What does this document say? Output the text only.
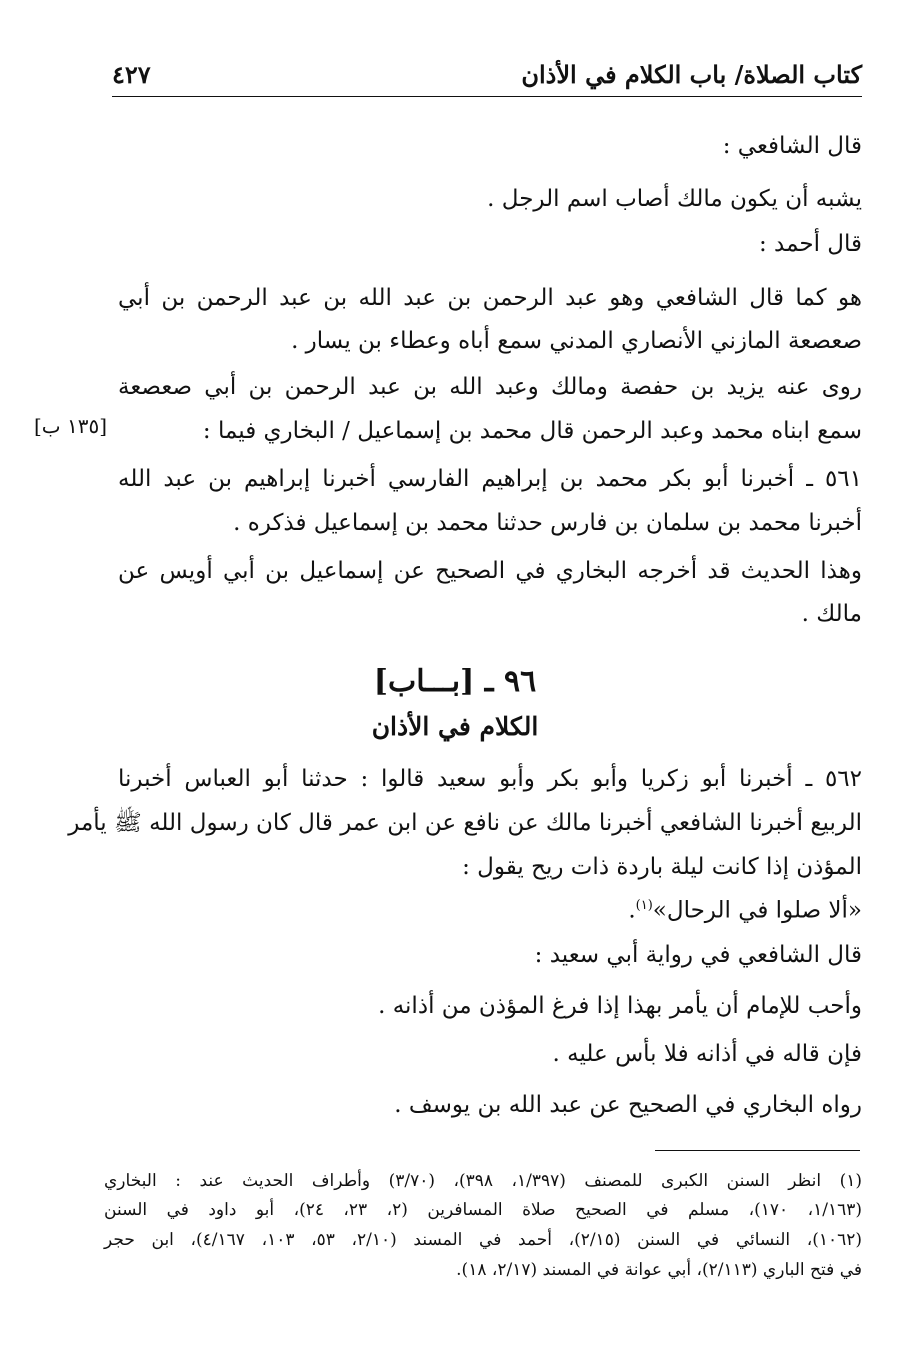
كتاب الصلاة/ باب الكلام في الأذان
٤٢٧
قال الشافعي :
يشبه أن يكون مالك أصاب اسم الرجل .
قال أحمد :
هو كما قال الشافعي وهو عبد الرحمن بن عبد الله بن عبد الرحمن بن أبي
صعصعة المازني الأنصاري المدني سمع أباه وعطاء بن يسار .
روى عنه يزيد بن حفصة ومالك وعبد الله بن عبد الرحمن بن أبي صعصعة
سمع ابناه محمد وعبد الرحمن قال محمد بن إسماعيل / البخاري فيما :
[١٣٥ ب]
٥٦١ ـ أخبرنا أبو بكر محمد بن إبراهيم الفارسي أخبرنا إبراهيم بن عبد الله
أخبرنا محمد بن سلمان بن فارس حدثنا محمد بن إسماعيل فذكره .
وهذا الحديث قد أخرجه البخاري في الصحيح عن إسماعيل بن أبي أويس عن
مالك .
٩٦ ـ [بـــاب]
الكلام في الأذان
٥٦٢ ـ أخبرنا أبو زكريا وأبو بكر وأبو سعيد قالوا : حدثنا أبو العباس أخبرنا
الربيع أخبرنا الشافعي أخبرنا مالك عن نافع عن ابن عمر قال كان رسول الله ﷺ يأمر
المؤذن إذا كانت ليلة باردة ذات ريح يقول :
«ألا صلوا في الرحال»$^{(١)}$.
قال الشافعي في رواية أبي سعيد :
وأحب للإمام أن يأمر بهذا إذا فرغ المؤذن من أذانه .
فإن قاله في أذانه فلا بأس عليه .
رواه البخاري في الصحيح عن عبد الله بن يوسف .
(١) انظر السنن الكبرى للمصنف (١/٣٩٧، ٣٩٨)، (٣/٧٠) وأطراف الحديث عند : البخاري
(١/١٦٣، ١٧٠)، مسلم في الصحيح صلاة المسافرين (٢، ٢٣، ٢٤)، أبو داود في السنن
(١٠٦٢)، النسائي في السنن (٢/١٥)، أحمد في المسند (٢/١٠، ٥٣، ١٠٣، ٤/١٦٧)، ابن حجر
في فتح الباري (٢/١١٣)، أبي عوانة في المسند (٢/١٧، ١٨).
